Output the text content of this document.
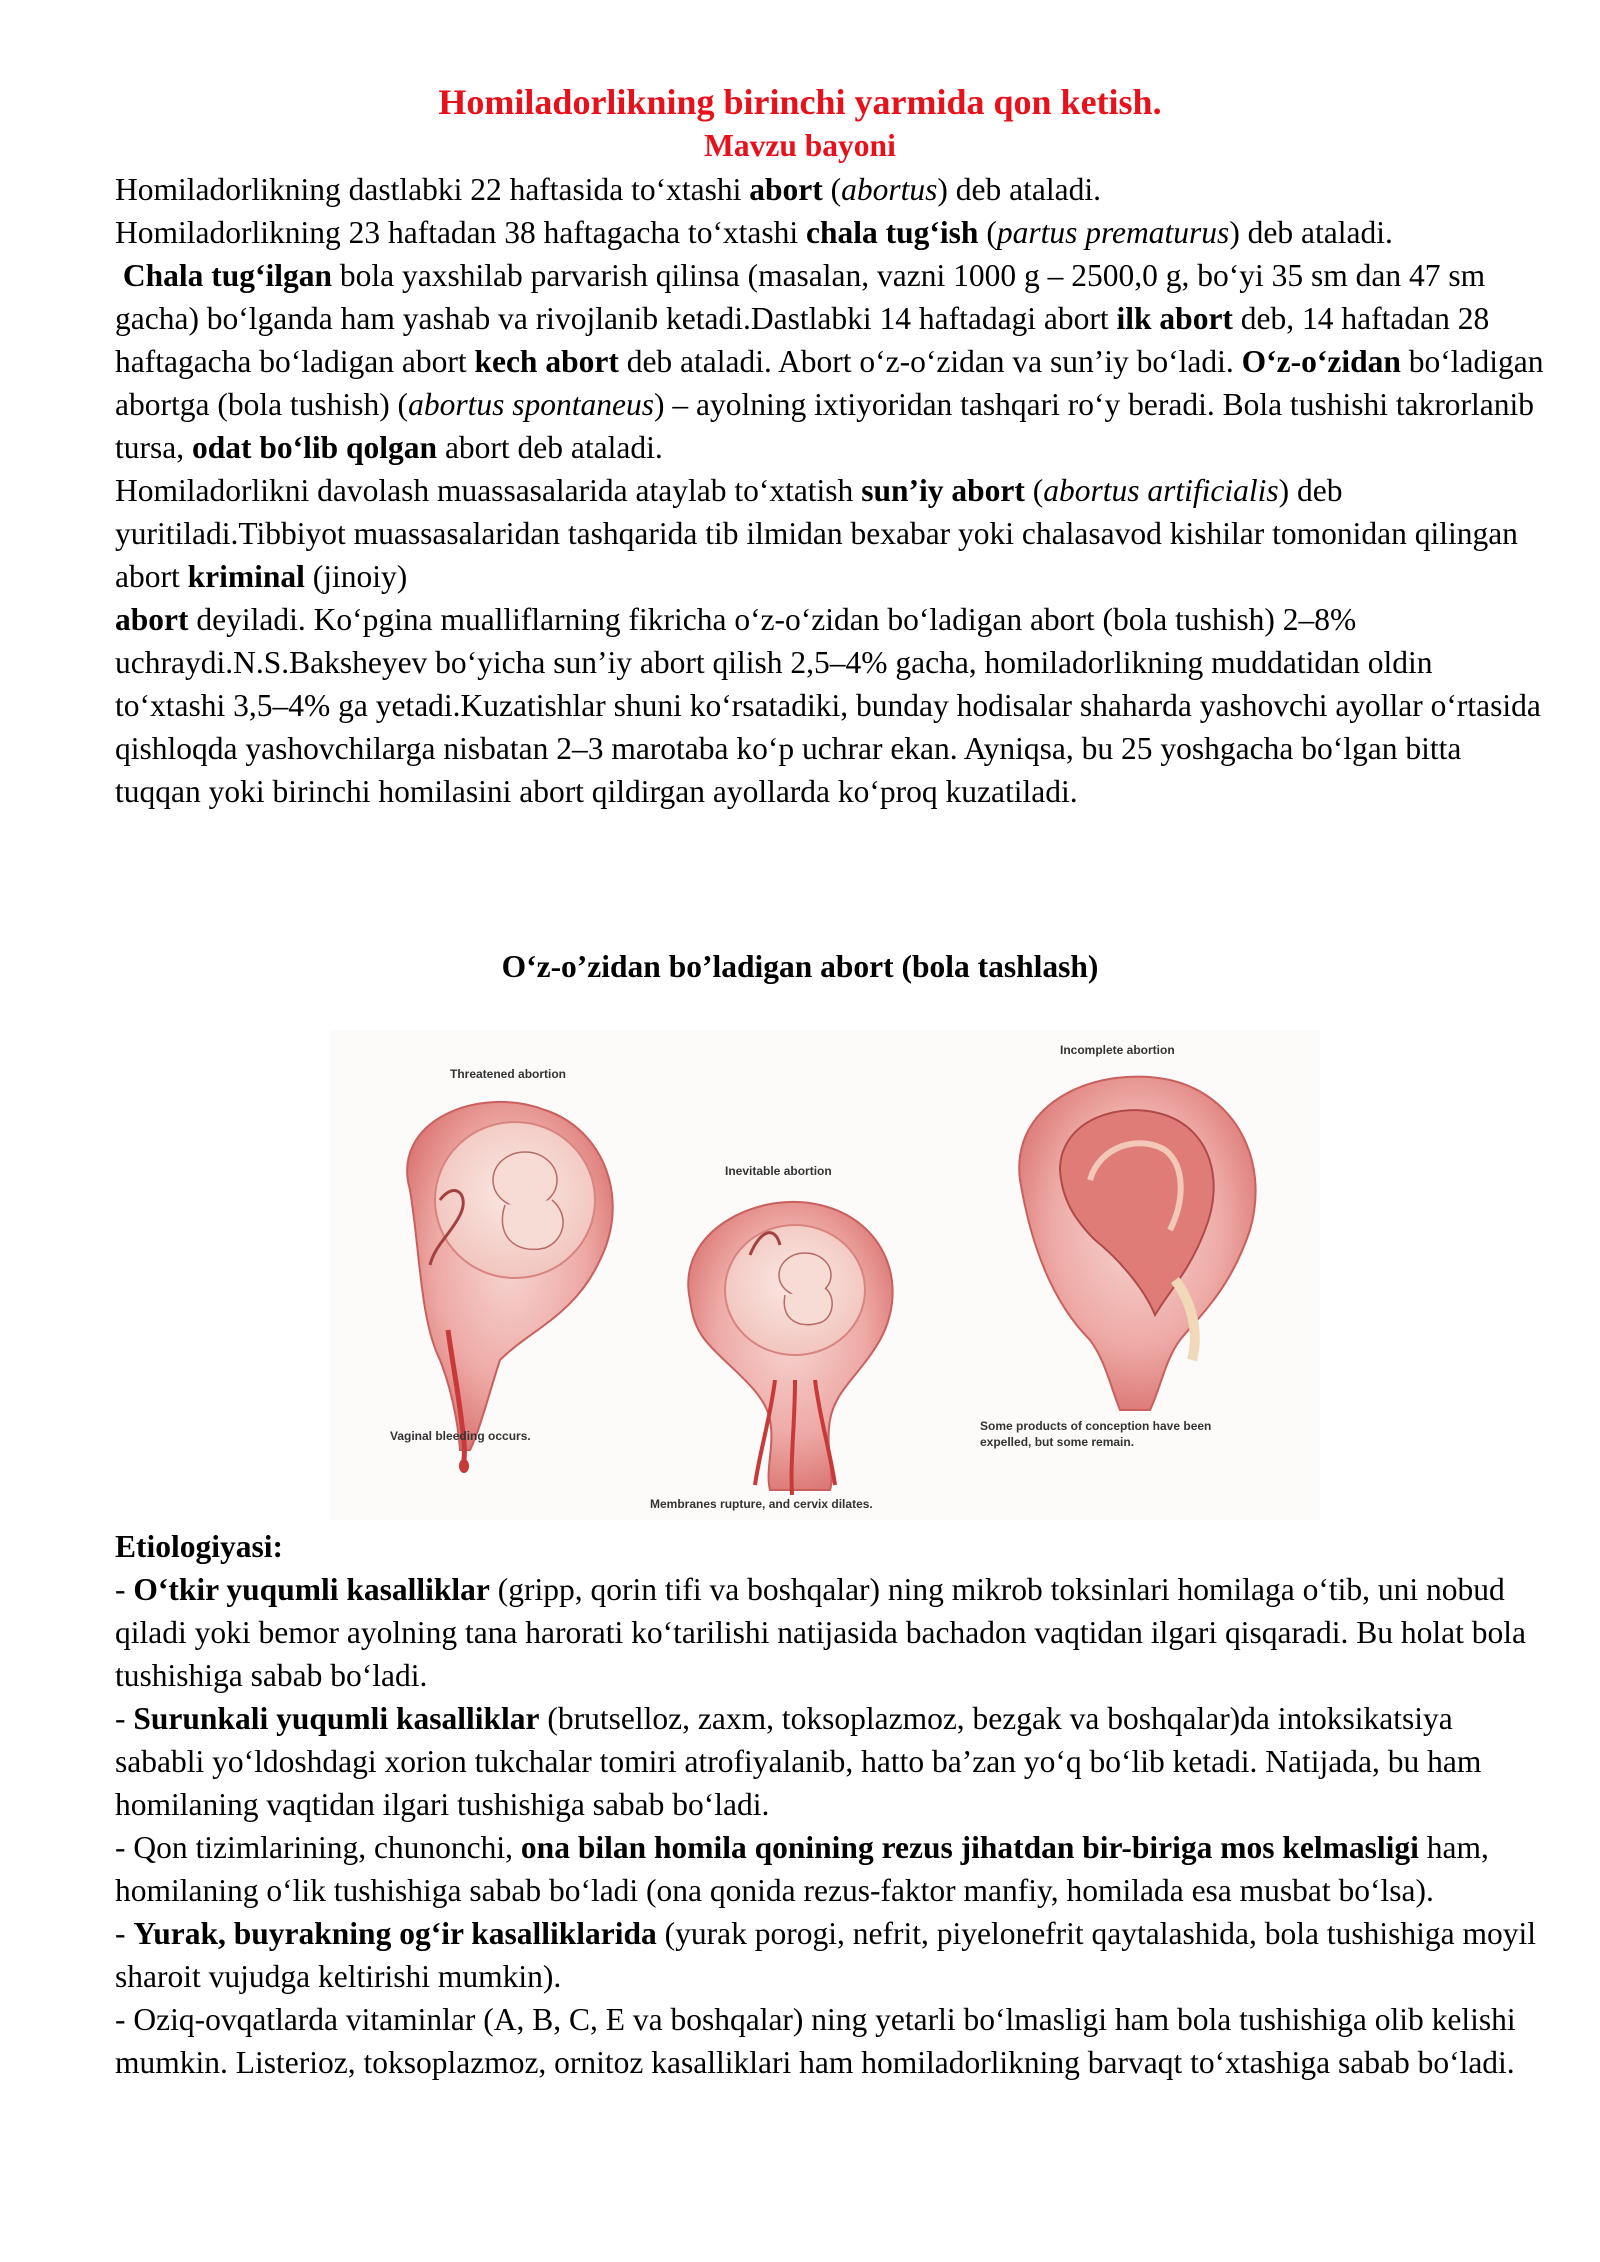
Homiladorlikning birinchi yarmida qon ketish.
Mavzu bayoni

Homiladorlikning dastlabki 22 haftasida to‘xtashi abort (abortus) deb ataladi.

Homiladorlikning 23 haftadan 38 haftagacha to‘xtashi chala tug‘ish (partus prematurus) deb ataladi.

Chala tug‘ilgan bola yaxshilab parvarish qilinsa (masalan, vazni 1000 g – 2500,0 g, bo‘yi 35 sm dan 47 sm gacha) bo‘lganda ham yashab va rivojlanib ketadi.Dastlabki 14 haftadagi abort ilk abort deb, 14 haftadan 28 haftagacha bo‘ladigan abort kech abort deb ataladi. Abort o‘z-o‘zidan va sun’iy bo‘ladi. O‘z-o‘zidan bo‘ladigan abortga (bola tushish) (abortus spontaneus) – ayolning ixtiyoridan tashqari ro‘y beradi. Bola tushishi takrorlanib tursa, odat bo‘lib qolgan abort deb ataladi.

Homiladorlikni davolash muassasalarida ataylab to‘xtatish sun’iy abort (abortus artificialis) deb yuritiladi.Tibbiyot muassasalaridan tashqarida tib ilmidan bexabar yoki chalasavod kishilar tomonidan qilingan abort kriminal (jinoiy)

abort deyiladi. Ko‘pgina mualliflarning fikricha o‘z-o‘zidan bo‘ladigan abort (bola tushish) 2–8% uchraydi.N.S.Baksheyev bo‘yicha sun’iy abort qilish 2,5–4% gacha, homiladorlikning muddatidan oldin to‘xtashi 3,5–4% ga yetadi.Kuzatishlar shuni ko‘rsatadiki, bunday hodisalar shaharda yashovchi ayollar o‘rtasida qishloqda yashovchilarga nisbatan 2–3 marotaba ko‘p uchrar ekan. Ayniqsa, bu 25 yoshgacha bo‘lgan bitta tuqqan yoki birinchi homilasini abort qildirgan ayollarda ko‘proq kuzatiladi.

O‘z-o’zidan bo’ladigan abort (bola tashlash)
Threatened abortion
Vaginal bleeding occurs.
Inevitable abortion
Membranes rupture, and cervix dilates.
Incomplete abortion
Some products of conception have been
expelled, but some remain.

Etiologiyasi:

- O‘tkir yuqumli kasalliklar (gripp, qorin tifi va boshqalar) ning mikrob toksinlari homilaga o‘tib, uni nobud qiladi yoki bemor ayolning tana harorati ko‘tarilishi natijasida bachadon vaqtidan ilgari qisqaradi. Bu holat bola tushishiga sabab bo‘ladi.

- Surunkali yuqumli kasalliklar (brutselloz, zaxm, toksoplazmoz, bezgak va boshqalar)da intoksikatsiya sababli yo‘ldoshdagi xorion tukchalar tomiri atrofiyalanib, hatto ba’zan yo‘q bo‘lib ketadi. Natijada, bu ham homilaning vaqtidan ilgari tushishiga sabab bo‘ladi.

- Qon tizimlarining, chunonchi, ona bilan homila qonining rezus jihatdan bir-biriga mos kelmasligi ham, homilaning o‘lik tushishiga sabab bo‘ladi (ona qonida rezus-faktor manfiy, homilada esa musbat bo‘lsa).

- Yurak, buyrakning og‘ir kasalliklarida (yurak porogi, nefrit, piyelonefrit qaytalashida, bola tushishiga moyil sharoit vujudga keltirishi mumkin).

- Oziq-ovqatlarda vitaminlar (A, B, C, E va boshqalar) ning yetarli bo‘lmasligi ham bola tushishiga olib kelishi mumkin. Listerioz, toksoplazmoz, ornitoz kasalliklari ham homiladorlikning barvaqt to‘xtashiga sabab bo‘ladi.
